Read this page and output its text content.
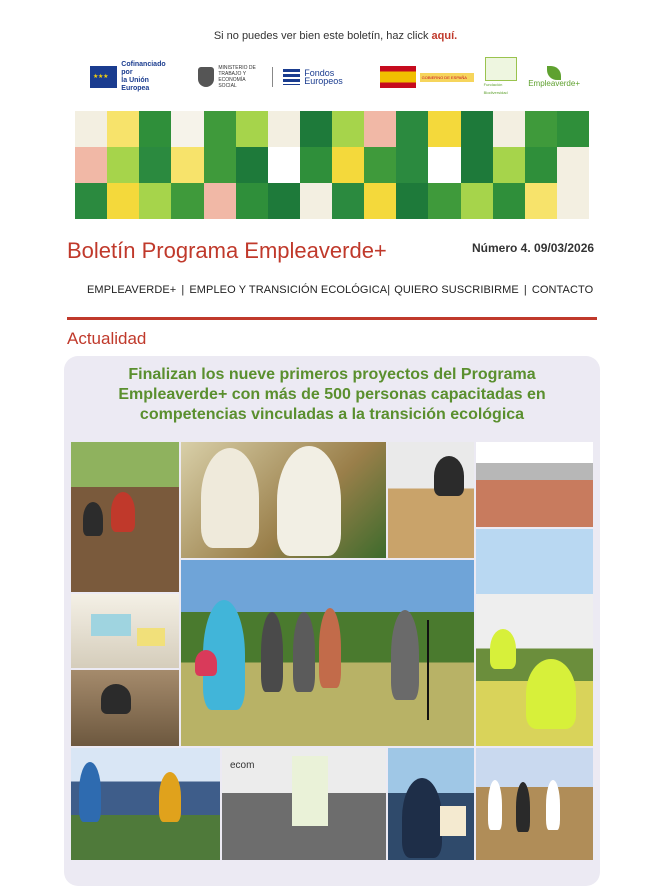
Si no puedes ver bien este boletín, haz click aquí.
★ ★ ★
Cofinanciado por
la Unión Europea
MINISTERIO DE TRABAJO Y ECONOMÍA SOCIAL
Fondos Europeos	GOBIERNO DE ESPAÑA
Fundación Biodiversidad
Empleaverde+
Boletín Programa Empleaverde+	Número 4. 09/03/2026
EMPLEAVERDE+ | EMPLEO Y TRANSICIÓN ECOLÓGICA | QUIERO SUSCRIBIRME | CONTACTO
Actualidad
Finalizan los nueve primeros proyectos del Programa Empleaverde+ con más de 500 personas capacitadas en competencias vinculadas a la transición ecológica
ecom
